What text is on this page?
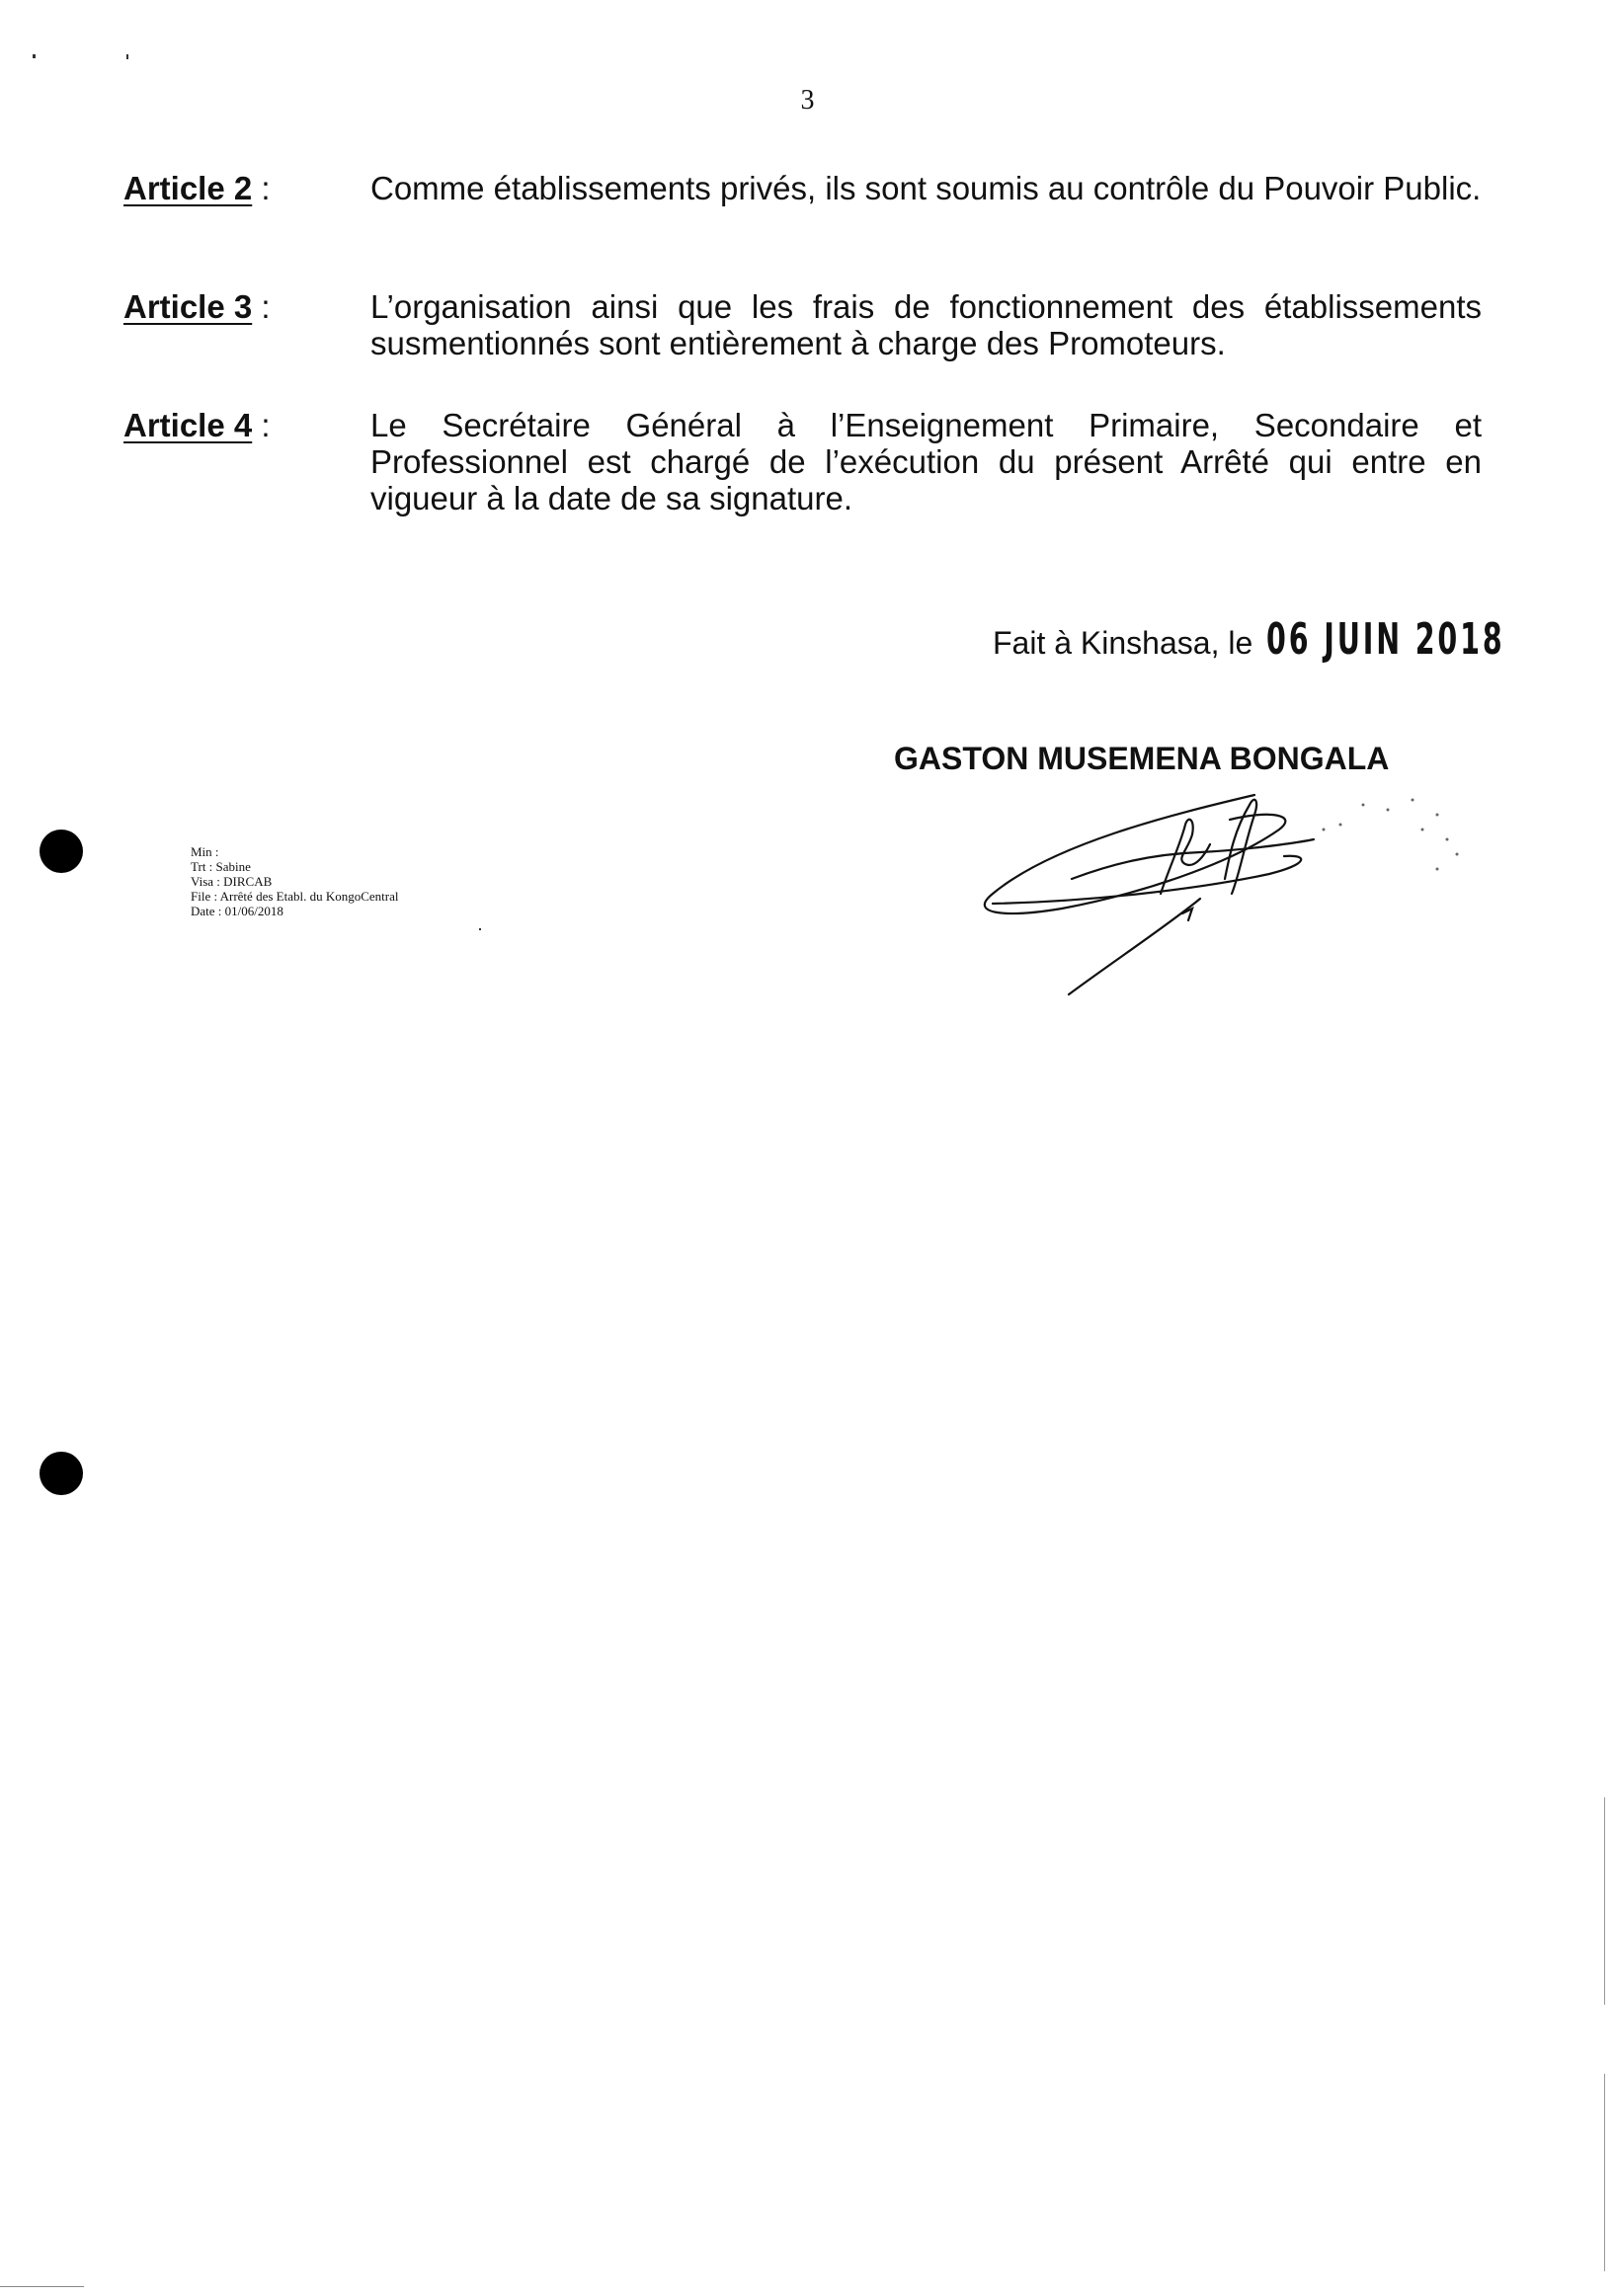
3
Article 2 :	Comme établissements privés, ils sont soumis au contrôle du Pouvoir Public.
Article 3 :	L’organisation ainsi que les frais de fonctionnement des établissements susmentionnés sont entièrement à charge des Promoteurs.
Article 4 :	Le Secrétaire Général à l’Enseignement Primaire, Secondaire et Professionnel est chargé de l’exécution du présent Arrêté qui entre en vigueur à la date de sa signature.
Fait à Kinshasa, le 06 JUIN 2018
GASTON MUSEMENA BONGALA
Min :
Trt : Sabine
Visa : DIRCAB
File : Arrêté des Etabl. du KongoCentral
Date : 01/06/2018
